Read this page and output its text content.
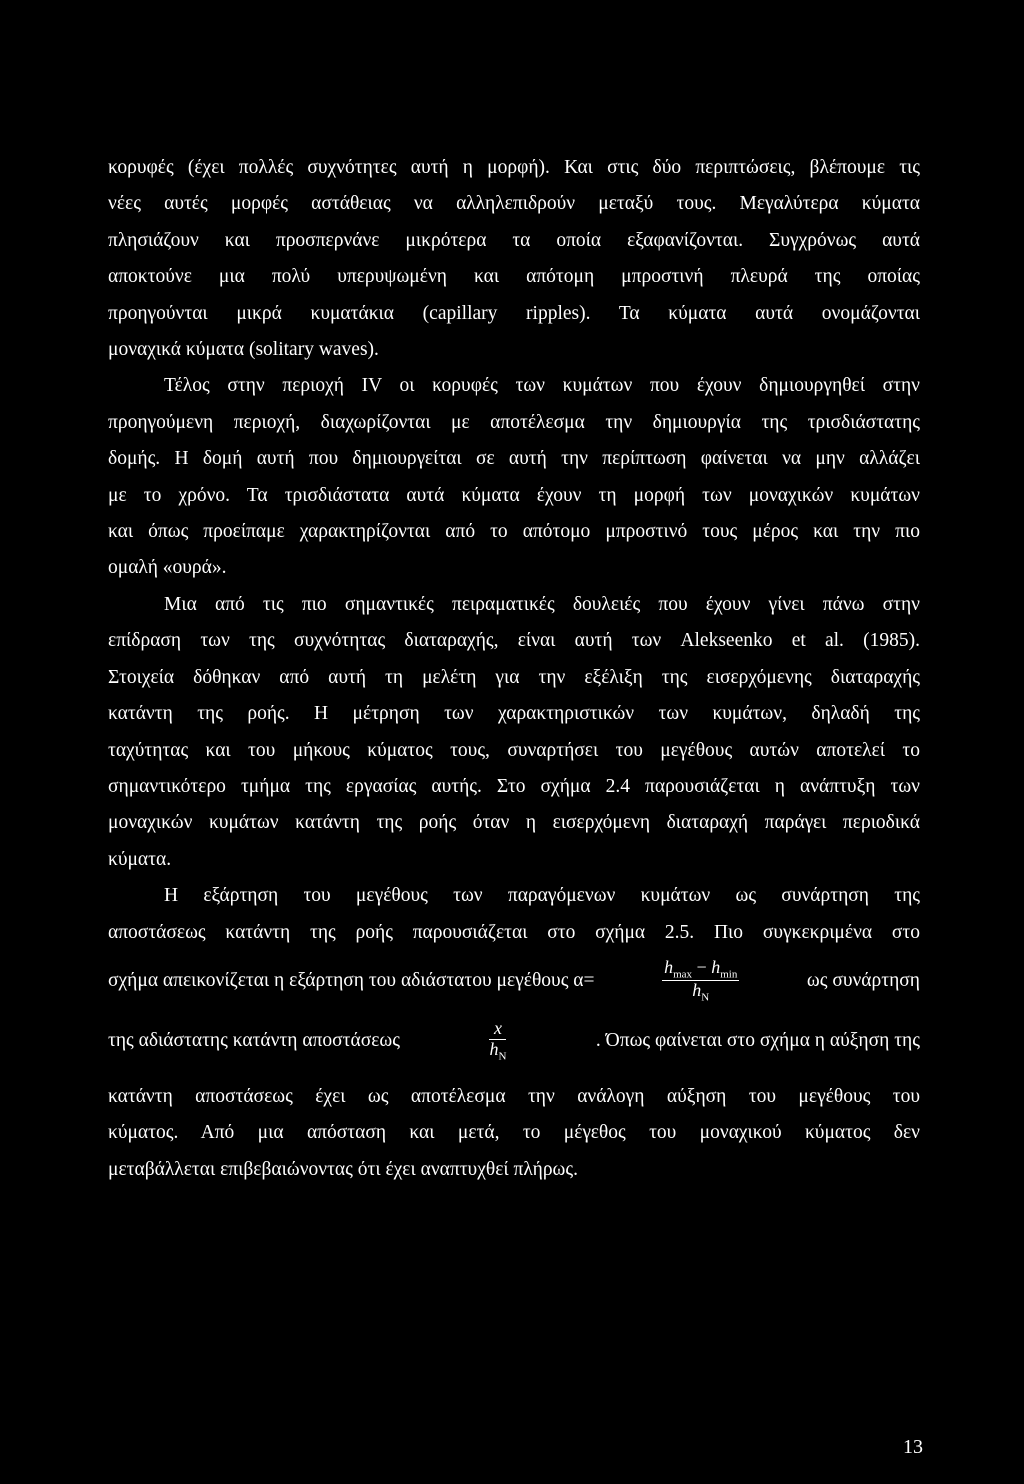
κορυφές (έχει πολλές συχνότητες αυτή η μορφή). Και στις δύο περιπτώσεις, βλέπουμε τις
νέες αυτές μορφές αστάθειας να αλληλεπιδρούν μεταξύ τους. Μεγαλύτερα κύματα
πλησιάζουν και προσπερνάνε μικρότερα τα οποία εξαφανίζονται. Συγχρόνως αυτά
αποκτούνε μια πολύ υπερυψωμένη και απότομη μπροστινή πλευρά της οποίας
προηγούνται μικρά κυματάκια (capillary ripples). Τα κύματα αυτά ονομάζονται
μοναχικά κύματα (solitary waves).

Τέλος στην περιοχή IV οι κορυφές των κυμάτων που έχουν δημιουργηθεί στην
προηγούμενη περιοχή, διαχωρίζονται με αποτέλεσμα την δημιουργία της τρισδιάστατης
δομής. Η δομή αυτή που δημιουργείται σε αυτή την περίπτωση φαίνεται να μην αλλάζει
με το χρόνο. Τα τρισδιάστατα αυτά κύματα έχουν τη μορφή των μοναχικών κυμάτων
και όπως προείπαμε χαρακτηρίζονται από το απότομο μπροστινό τους μέρος και την πιο
ομαλή «ουρά».

Μια από τις πιο σημαντικές πειραματικές δουλειές που έχουν γίνει πάνω στην
επίδραση των της συχνότητας διαταραχής, είναι αυτή των Alekseenko et al. (1985).
Στοιχεία δόθηκαν από αυτή τη μελέτη για την εξέλιξη της εισερχόμενης διαταραχής
κατάντη της ροής. Η μέτρηση των χαρακτηριστικών των κυμάτων, δηλαδή της
ταχύτητας και του μήκους κύματος τους, συναρτήσει του μεγέθους αυτών αποτελεί το
σημαντικότερο τμήμα της εργασίας αυτής. Στο σχήμα 2.4 παρουσιάζεται η ανάπτυξη των
μοναχικών κυμάτων κατάντη της ροής όταν η εισερχόμενη διαταραχή παράγει περιοδικά
κύματα.

Η εξάρτηση του μεγέθους των παραγόμενων κυμάτων ως συνάρτηση της
αποστάσεως κατάντη της ροής παρουσιάζεται στο σχήμα 2.5. Πιο συγκεκριμένα στο

σχήμα απεικονίζεται η εξάρτηση του αδιάστατου μεγέθους α=	$\frac{h_{max} - h_{min}}{h_N}$	ως συνάρτηση
της αδιάστατης κατάντη αποστάσεως	$\frac{x}{h_N}$	. Όπως φαίνεται στο σχήμα η αύξηση της

κατάντη αποστάσεως έχει ως αποτέλεσμα την ανάλογη αύξηση του μεγέθους του
κύματος. Από μια απόσταση και μετά, το μέγεθος του μοναχικού κύματος δεν
μεταβάλλεται επιβεβαιώνοντας ότι έχει αναπτυχθεί πλήρως.

13
